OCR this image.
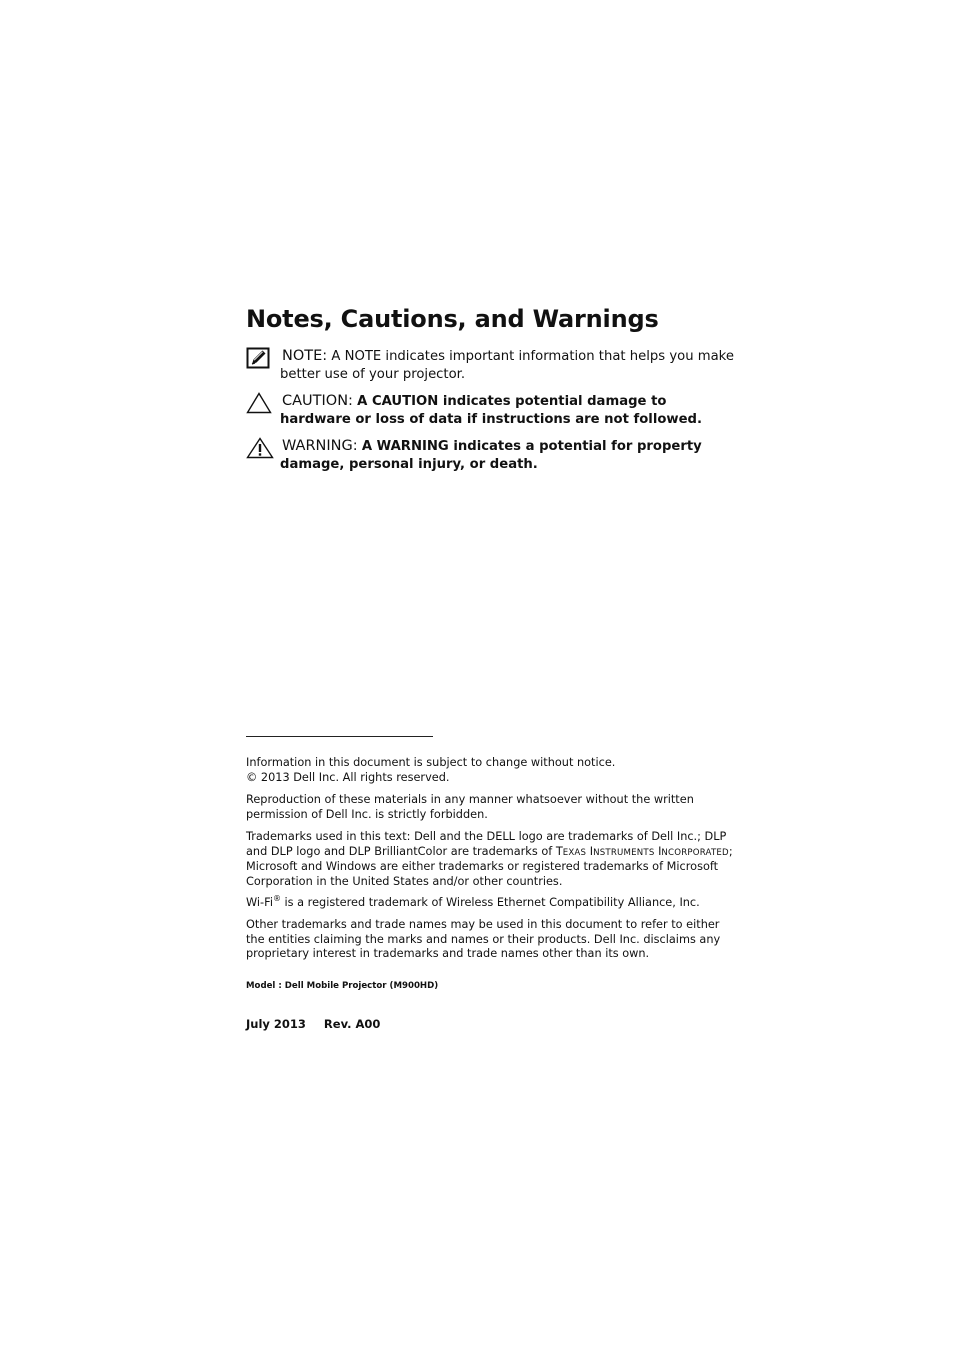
Notes, Cautions, and Warnings
NOTE: A NOTE indicates important information that helps you make better use of your projector.
CAUTION: A CAUTION indicates potential damage to hardware or loss of data if instructions are not followed.
WARNING: A WARNING indicates a potential for property damage, personal injury, or death.

Information in this document is subject to change without notice.
© 2013 Dell Inc. All rights reserved.

Reproduction of these materials in any manner whatsoever without the written permission of Dell Inc. is strictly forbidden.

Trademarks used in this text: Dell and the DELL logo are trademarks of Dell Inc.; DLP and DLP logo and DLP BrilliantColor are trademarks of TEXAS INSTRUMENTS INCORPORATED; Microsoft and Windows are either trademarks or registered trademarks of Microsoft Corporation in the United States and/or other countries.

Wi-Fi® is a registered trademark of Wireless Ethernet Compatibility Alliance, Inc.

Other trademarks and trade names may be used in this document to refer to either the entities claiming the marks and names or their products. Dell Inc. disclaims any proprietary interest in trademarks and trade names other than its own.

Model : Dell Mobile Projector (M900HD)

July 2013 Rev. A00
